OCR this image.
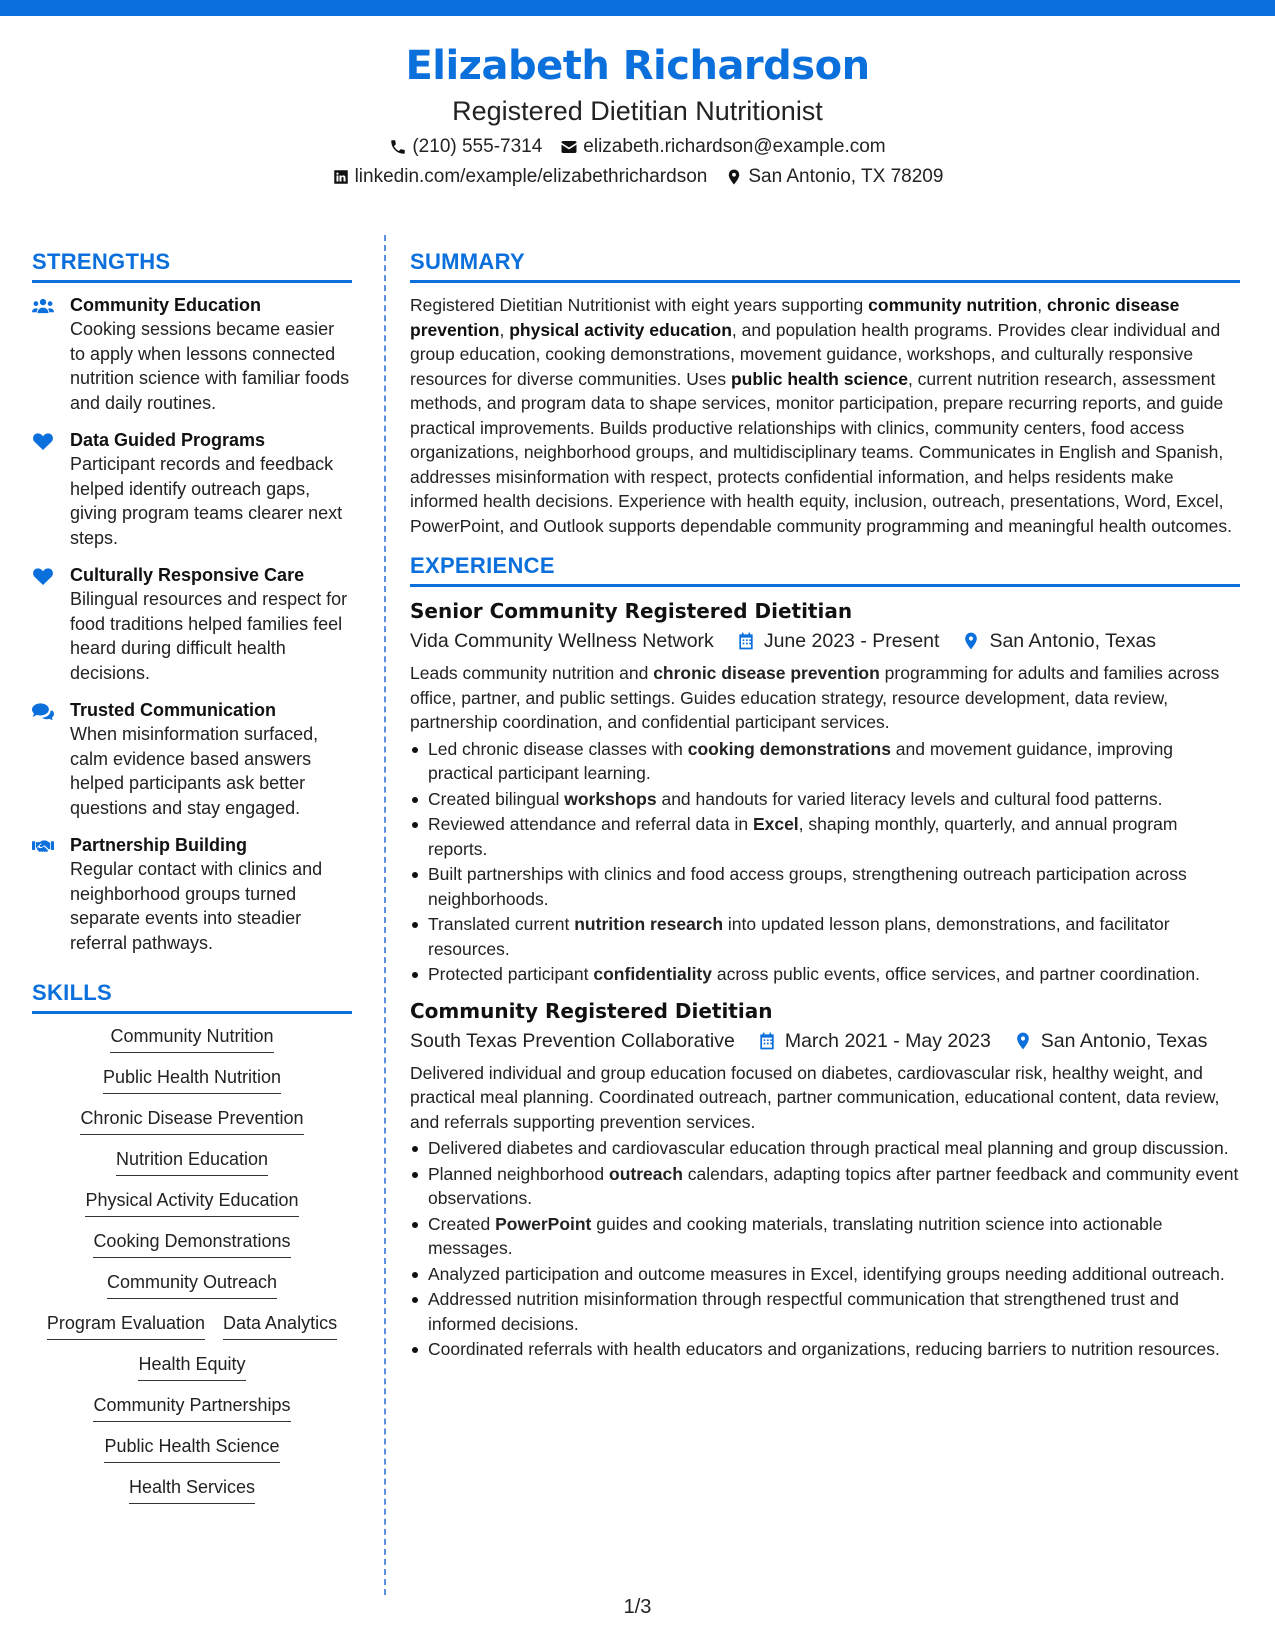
Elizabeth Richardson
Registered Dietitian Nutritionist
(210) 555-7314 elizabeth.richardson@example.com
linkedin.com/example/elizabethrichardson San Antonio, TX 78209
STRENGTHS
Community Education
Cooking sessions became easier to apply when lessons connected nutrition science with familiar foods and daily routines.
Data Guided Programs
Participant records and feedback helped identify outreach gaps, giving program teams clearer next steps.
Culturally Responsive Care
Bilingual resources and respect for food traditions helped families feel heard during difficult health decisions.
Trusted Communication
When misinformation surfaced, calm evidence based answers helped participants ask better questions and stay engaged.
Partnership Building
Regular contact with clinics and neighborhood groups turned separate events into steadier referral pathways.
SKILLS
Community Nutrition
Public Health Nutrition
Chronic Disease Prevention
Nutrition Education
Physical Activity Education
Cooking Demonstrations
Community Outreach
Program Evaluation Data Analytics
Health Equity
Community Partnerships
Public Health Science
Health Services
SUMMARY

Registered Dietitian Nutritionist with eight years supporting community nutrition, chronic disease prevention, physical activity education, and population health programs. Provides clear individual and group education, cooking demonstrations, movement guidance, workshops, and culturally responsive resources for diverse communities. Uses public health science, current nutrition research, assessment methods, and program data to shape services, monitor participation, prepare recurring reports, and guide practical improvements. Builds productive relationships with clinics, community centers, food access organizations, neighborhood groups, and multidisciplinary teams. Communicates in English and Spanish, addresses misinformation with respect, protects confidential information, and helps residents make informed health decisions. Experience with health equity, inclusion, outreach, presentations, Word, Excel, PowerPoint, and Outlook supports dependable community programming and meaningful health outcomes.

EXPERIENCE
Senior Community Registered Dietitian
Vida Community Wellness Network	June 2023 - Present	San Antonio, Texas

Leads community nutrition and chronic disease prevention programming for adults and families across office, partner, and public settings. Guides education strategy, resource development, data review, partnership coordination, and confidential participant services.

Led chronic disease classes with cooking demonstrations and movement guidance, improving practical participant learning.
Created bilingual workshops and handouts for varied literacy levels and cultural food patterns.
Reviewed attendance and referral data in Excel, shaping monthly, quarterly, and annual program reports.
Built partnerships with clinics and food access groups, strengthening outreach participation across neighborhoods.
Translated current nutrition research into updated lesson plans, demonstrations, and facilitator resources.
Protected participant confidentiality across public events, office services, and partner coordination.
Community Registered Dietitian
South Texas Prevention Collaborative	March 2021 - May 2023	San Antonio, Texas

Delivered individual and group education focused on diabetes, cardiovascular risk, healthy weight, and practical meal planning. Coordinated outreach, partner communication, educational content, data review, and referrals supporting prevention services.

Delivered diabetes and cardiovascular education through practical meal planning and group discussion.
Planned neighborhood outreach calendars, adapting topics after partner feedback and community event observations.
Created PowerPoint guides and cooking materials, translating nutrition science into actionable messages.
Analyzed participation and outcome measures in Excel, identifying groups needing additional outreach.
Addressed nutrition misinformation through respectful communication that strengthened trust and informed decisions.
Coordinated referrals with health educators and organizations, reducing barriers to nutrition resources.
1/3
